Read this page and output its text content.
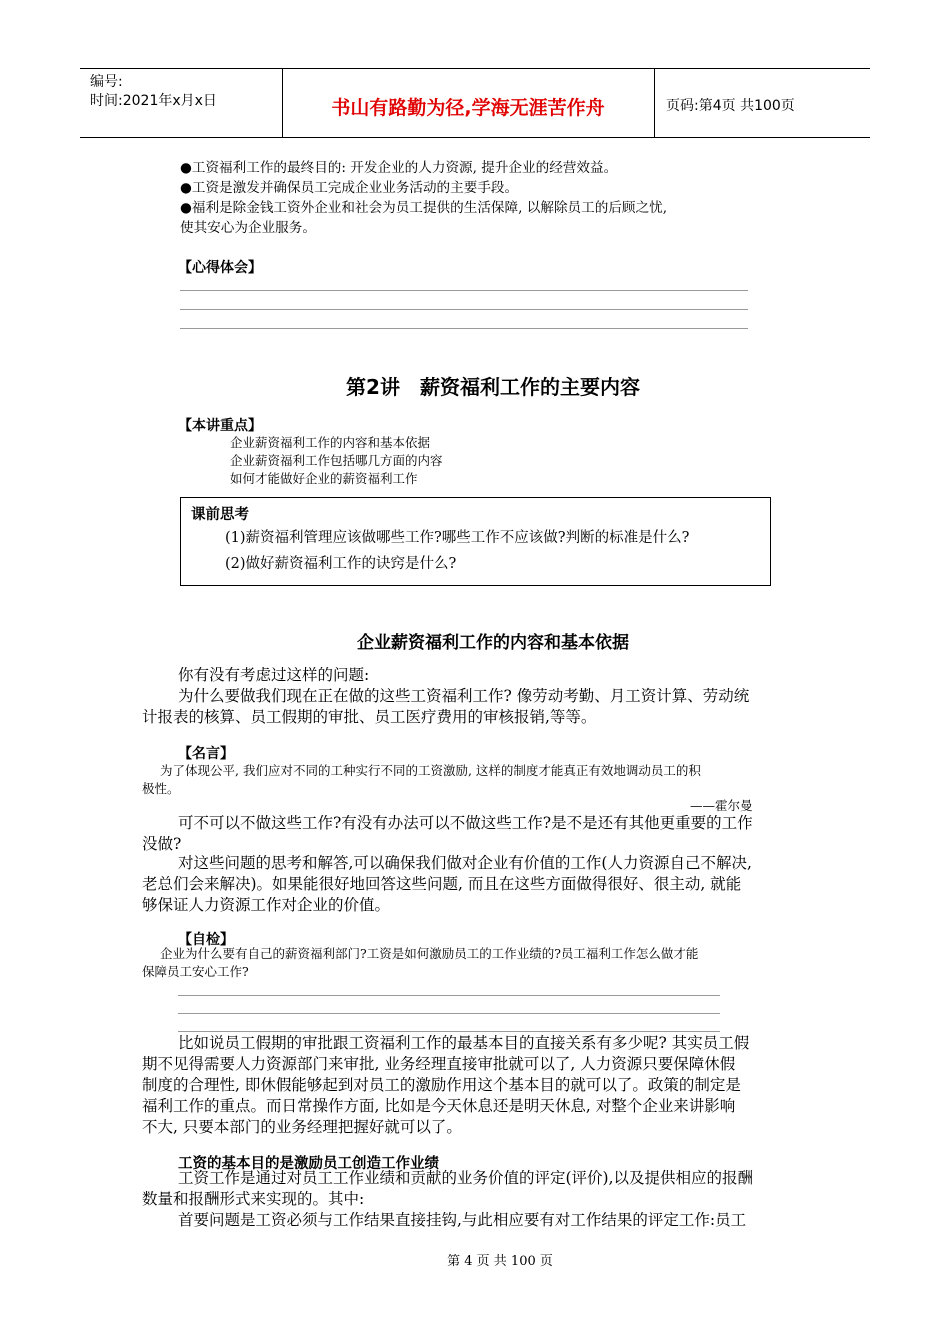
编号:
时间:2021年x月x日	书山有路勤为径,学海无涯苦作舟	页码:第4页 共100页
●工资福利工作的最终目的: 开发企业的人力资源, 提升企业的经营效益。
●工资是激发并确保员工完成企业业务活动的主要手段。
●福利是除金钱工资外企业和社会为员工提供的生活保障, 以解除员工的后顾之忧,
使其安心为企业服务。
【心得体会】
第2讲　薪资福利工作的主要内容
【本讲重点】
企业薪资福利工作的内容和基本依据
企业薪资福利工作包括哪几方面的内容
如何才能做好企业的薪资福利工作
课前思考
(1)薪资福利管理应该做哪些工作?哪些工作不应该做?判断的标准是什么?
(2)做好薪资福利工作的诀窍是什么?
企业薪资福利工作的内容和基本依据
你有没有考虑过这样的问题:
为什么要做我们现在正在做的这些工资福利工作? 像劳动考勤、月工资计算、劳动统
计报表的核算、员工假期的审批、员工医疗费用的审核报销,等等。
【名言】
为了体现公平, 我们应对不同的工种实行不同的工资激励, 这样的制度才能真正有效地调动员工的积
极性。
——霍尔曼
可不可以不做这些工作?有没有办法可以不做这些工作?是不是还有其他更重要的工作
没做?
对这些问题的思考和解答,可以确保我们做对企业有价值的工作(人力资源自己不解决,
老总们会来解决)。如果能很好地回答这些问题, 而且在这些方面做得很好、很主动, 就能
够保证人力资源工作对企业的价值。
【自检】
企业为什么要有自己的薪资福利部门?工资是如何激励员工的工作业绩的?员工福利工作怎么做才能
保障员工安心工作?
比如说员工假期的审批跟工资福利工作的最基本目的直接关系有多少呢? 其实员工假
期不见得需要人力资源部门来审批, 业务经理直接审批就可以了, 人力资源只要保障休假
制度的合理性, 即休假能够起到对员工的激励作用这个基本目的就可以了。政策的制定是
福利工作的重点。而日常操作方面, 比如是今天休息还是明天休息, 对整个企业来讲影响
不大, 只要本部门的业务经理把握好就可以了。
工资的基本目的是激励员工创造工作业绩
工资工作是通过对员工工作业绩和贡献的业务价值的评定(评价),以及提供相应的报酬
数量和报酬形式来实现的。其中:
首要问题是工资必须与工作结果直接挂钩,与此相应要有对工作结果的评定工作:员工
第 4 页 共 100 页
